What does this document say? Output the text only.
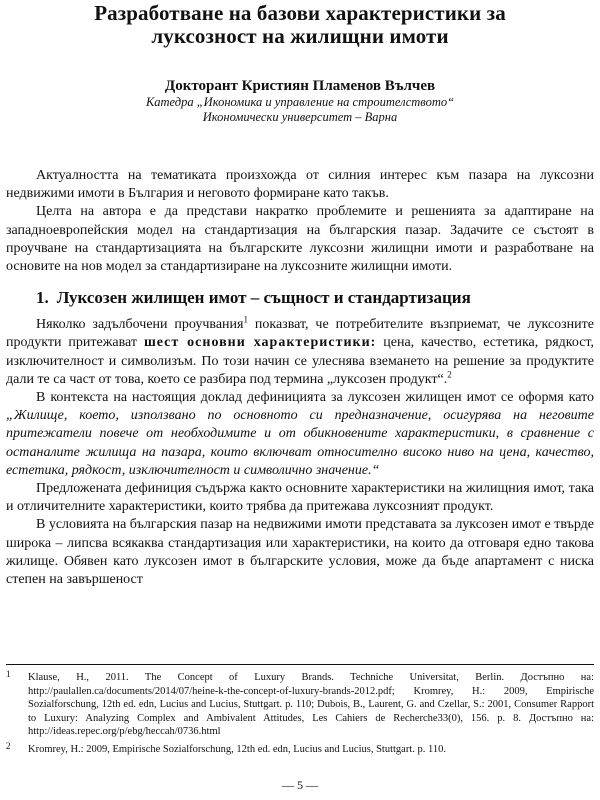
Разработване на базови характеристики за
луксозност на жилищни имоти

Докторант Кристиян Пламенов Вълчев

Катедра „Икономика и управление на строителството“

Икономически университет – Варна

Актуалността на тематиката произхожда от силния интерес към пазара на луксозни недвижими имоти в България и неговото формиране като такъв.

Целта на автора е да представи накратко проблемите и решенията за адаптиране на западноевропейския модел на стандартизация на българския пазар. Задачите се състоят в проучване на стандартизацията на българските луксозни жилищни имоти и разработване на основите на нов модел за стандартизиране на луксозните жилищни имоти.

1. Луксозен жилищен имот – същност и стандартизация

Няколко задълбочени проучвания$^1$ показват, че потребителите възприемат, че луксозните продукти притежават шест основни характеристики: цена, качество, естетика, рядкост, изключителност и символизъм. По този начин се улеснява вземането на решение за продуктите дали те са част от това, което се разбира под термина „луксозен продукт“.$^2$

В контекста на настоящия доклад дефиницията за луксозен жилищен имот се оформя като „Жилище, което, използвано по основното си предназначение, осигурява на неговите притежатели повече от необходимите и от обикновените характеристики, в сравнение с останалите жилища на пазара, които включват относително високо ниво на цена, качество, естетика, рядкост, изключителност и символично значение.“

Предложената дефиниция съдържа както основните характеристики на жилищния имот, така и отличителните характеристики, които трябва да притежава луксозният продукт.

В условията на българския пазар на недвижими имоти представата за луксозен имот е твърде широка – липсва всякаква стандартизация или характеристики, на които да отговаря едно такова жилище. Обявен като луксозен имот в българските условия, може да бъде апартамент с ниска степен на завършеност

1 Klause, H., 2011. The Concept of Luxury Brands. Techniche Universitat, Berlin. Достъпно на: http://paulallen.ca/documents/2014/07/heine-k-the-concept-of-luxury-brands-2012.pdf; Kromrey, H.: 2009, Empirische Sozialforschung, 12th ed. edn, Lucius and Lucius, Stuttgart. p. 110; Dubois, B., Laurent, G. and Czellar, S.: 2001, Consumer Rapport to Luxury: Analyzing Complex and Ambivalent Attitudes, Les Cahiers de Recherche33(0), 156. p. 8. Достъпно на: http://ideas.repec.org/p/ebg/heccah/0736.html

2 Kromrey, H.: 2009, Empirische Sozialforschung, 12th ed. edn, Lucius and Lucius, Stuttgart. p. 110.

— 5 —
